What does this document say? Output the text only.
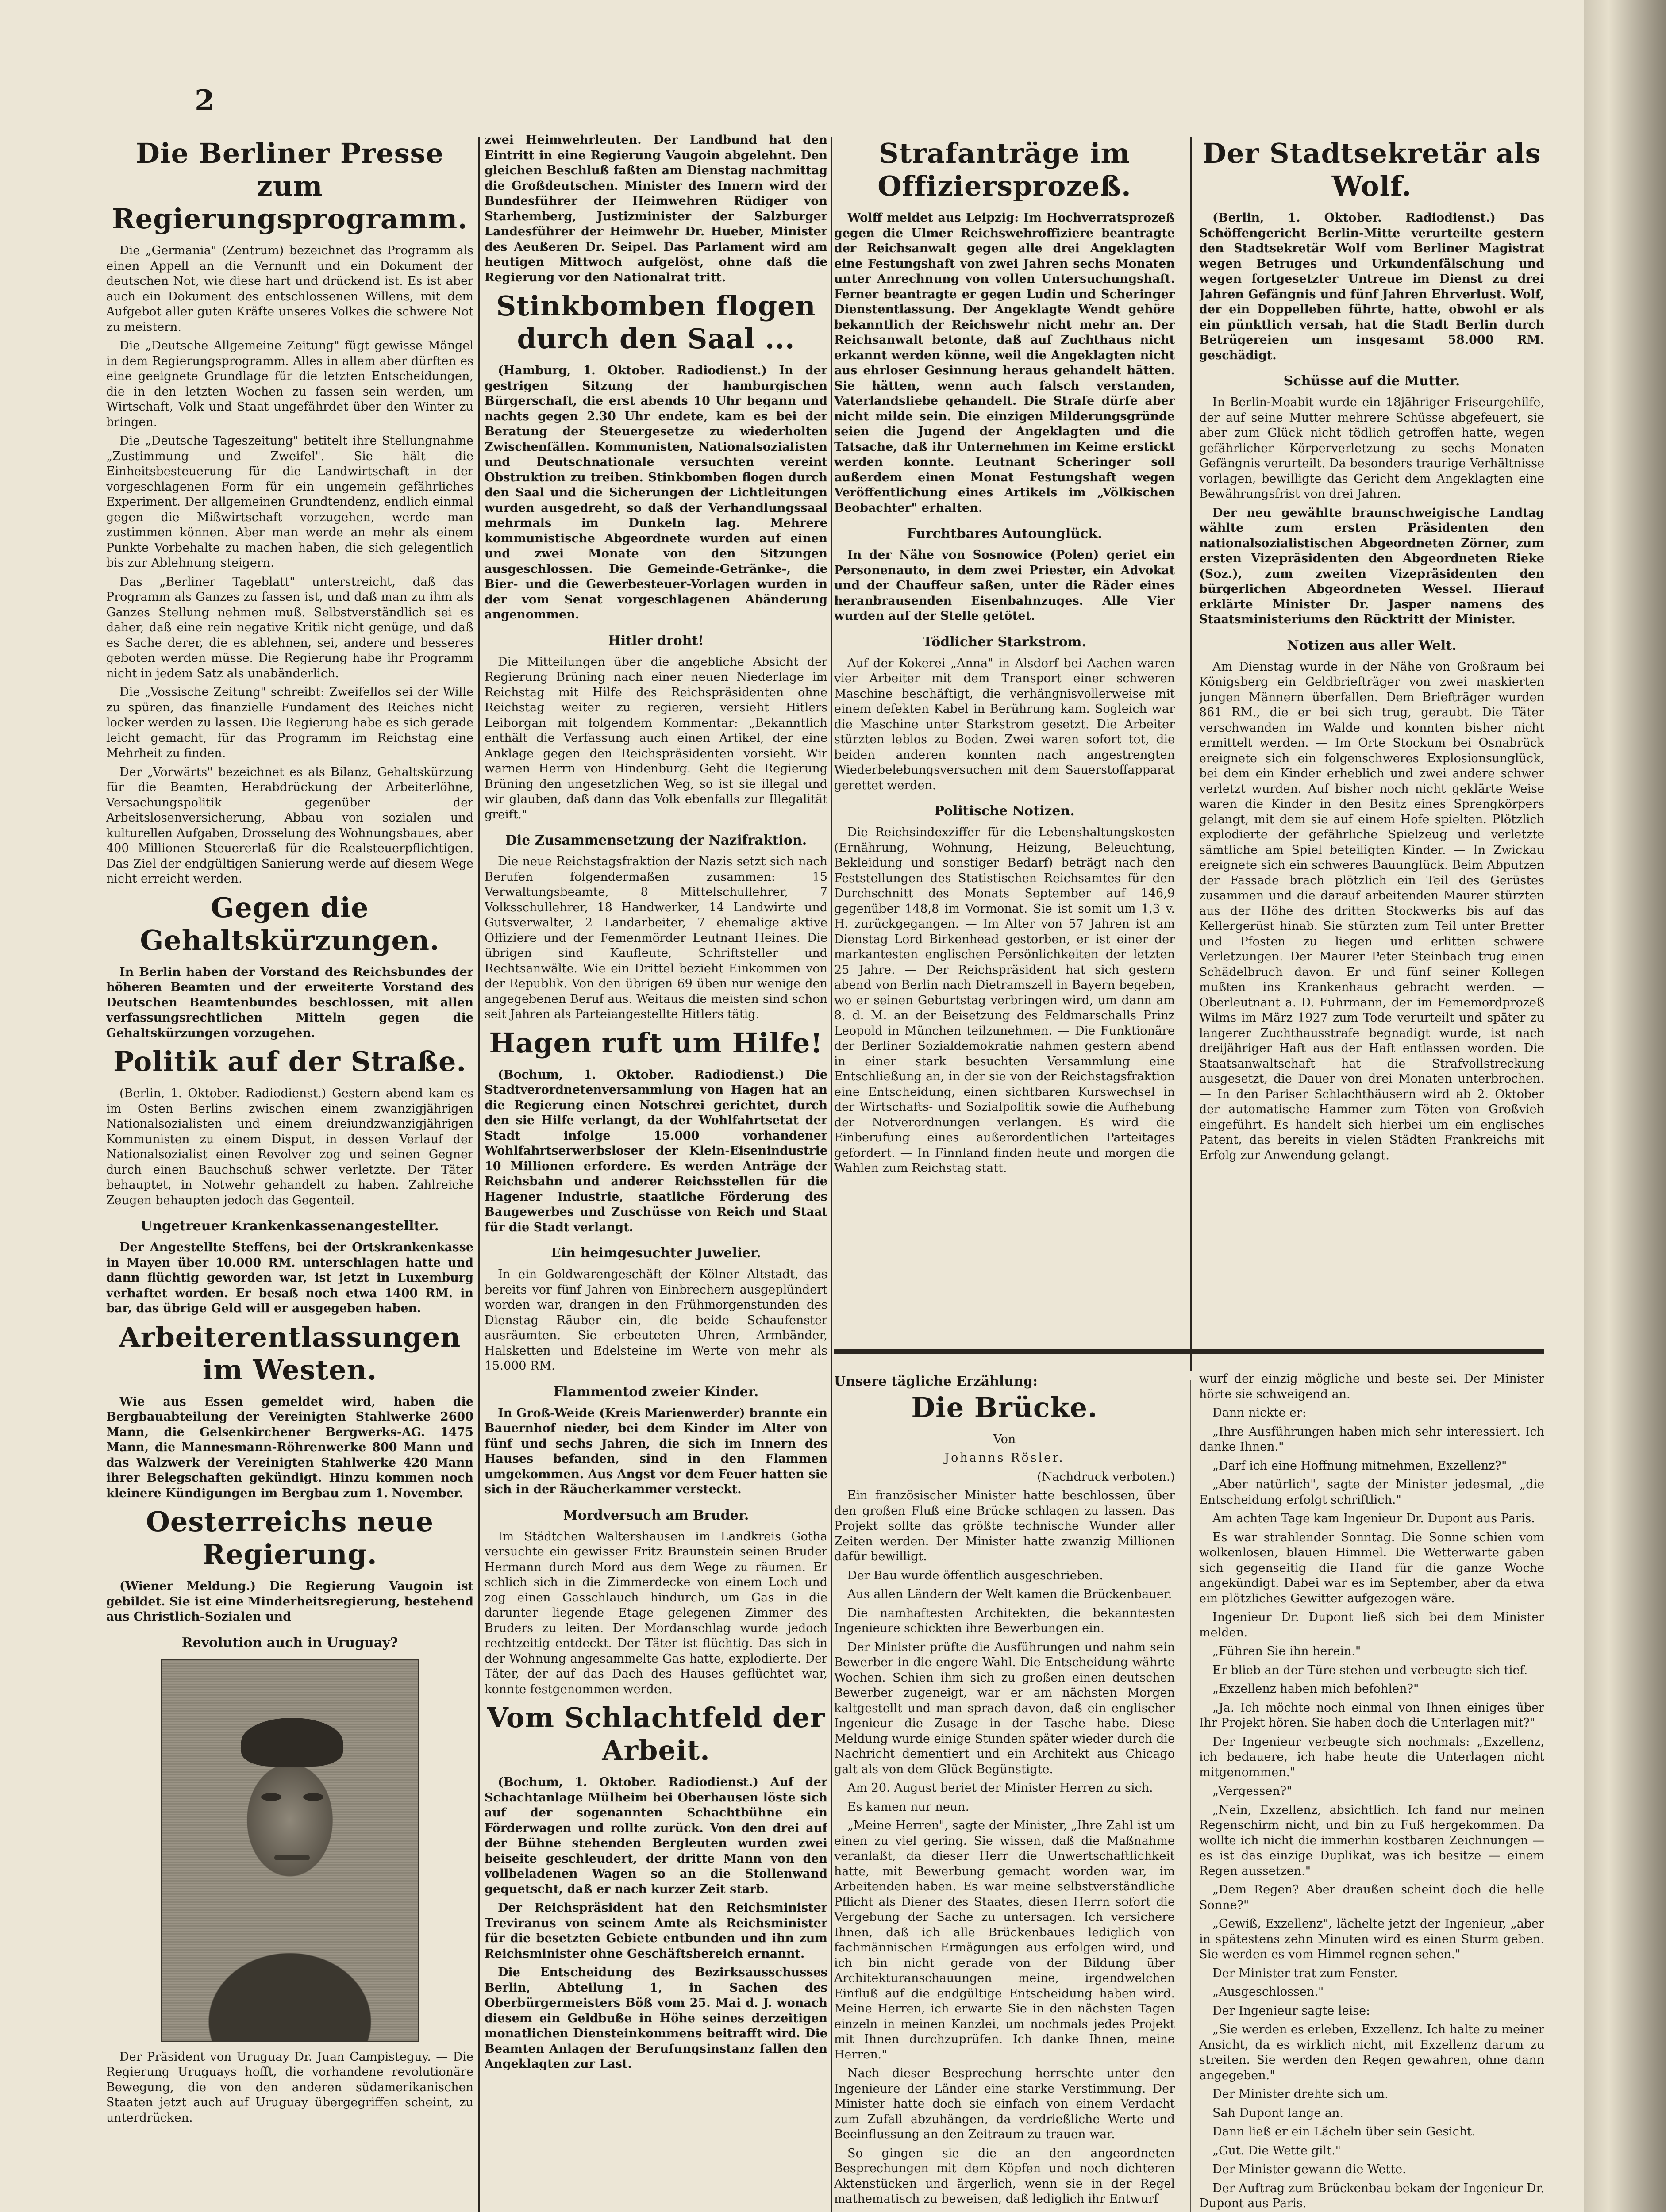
2
Die Berliner Presse zum Regierungsprogramm.

Die „Germania" (Zentrum) bezeichnet das Programm als einen Appell an die Vernunft und ein Dokument der deutschen Not, wie diese hart und drückend ist. Es ist aber auch ein Dokument des entschlossenen Willens, mit dem Aufgebot aller guten Kräfte unseres Volkes die schwere Not zu meistern.

Die „Deutsche Allgemeine Zeitung" fügt gewisse Mängel in dem Regierungsprogramm. Alles in allem aber dürften es eine geeignete Grundlage für die letzten Entscheidungen, die in den letzten Wochen zu fassen sein werden, um Wirtschaft, Volk und Staat ungefährdet über den Winter zu bringen.

Die „Deutsche Tageszeitung" betitelt ihre Stellungnahme „Zustimmung und Zweifel". Sie hält die Einheitsbesteuerung für die Landwirtschaft in der vorgeschlagenen Form für ein ungemein gefährliches Experiment. Der allgemeinen Grundtendenz, endlich einmal gegen die Mißwirtschaft vorzugehen, werde man zustimmen können. Aber man werde an mehr als einem Punkte Vorbehalte zu machen haben, die sich gelegentlich bis zur Ablehnung steigern.

Das „Berliner Tageblatt" unterstreicht, daß das Programm als Ganzes zu fassen ist, und daß man zu ihm als Ganzes Stellung nehmen muß. Selbstverständlich sei es daher, daß eine rein negative Kritik nicht genüge, und daß es Sache derer, die es ablehnen, sei, andere und besseres geboten werden müsse. Die Regierung habe ihr Programm nicht in jedem Satz als unabänderlich.

Die „Vossische Zeitung" schreibt: Zweifellos sei der Wille zu spüren, das finanzielle Fundament des Reiches nicht locker werden zu lassen. Die Regierung habe es sich gerade leicht gemacht, für das Programm im Reichstag eine Mehrheit zu finden.

Der „Vorwärts" bezeichnet es als Bilanz, Gehaltskürzung für die Beamten, Herabdrückung der Arbeiterlöhne, Versachungspolitik gegenüber der Arbeitslosenversicherung, Abbau von sozialen und kulturellen Aufgaben, Drosselung des Wohnungsbaues, aber 400 Millionen Steuererlaß für die Realsteuerpflichtigen. Das Ziel der endgültigen Sanierung werde auf diesem Wege nicht erreicht werden.

Gegen die Gehaltskürzungen.

In Berlin haben der Vorstand des Reichsbundes der höheren Beamten und der erweiterte Vorstand des Deutschen Beamtenbundes beschlossen, mit allen verfassungsrechtlichen Mitteln gegen die Gehaltskürzungen vorzugehen.

Politik auf der Straße.

(Berlin, 1. Oktober. Radiodienst.) Gestern abend kam es im Osten Berlins zwischen einem zwanzigjährigen Nationalsozialisten und einem dreiundzwanzigjährigen Kommunisten zu einem Disput, in dessen Verlauf der Nationalsozialist einen Revolver zog und seinen Gegner durch einen Bauchschuß schwer verletzte. Der Täter behauptet, in Notwehr gehandelt zu haben. Zahlreiche Zeugen behaupten jedoch das Gegenteil.

Ungetreuer Krankenkassenangestellter.

Der Angestellte Steffens, bei der Ortskrankenkasse in Mayen über 10.000 RM. unterschlagen hatte und dann flüchtig geworden war, ist jetzt in Luxemburg verhaftet worden. Er besaß noch etwa 1400 RM. in bar, das übrige Geld will er ausgegeben haben.

Arbeiterentlassungen im Westen.

Wie aus Essen gemeldet wird, haben die Bergbauabteilung der Vereinigten Stahlwerke 2600 Mann, die Gelsenkirchener Bergwerks-AG. 1475 Mann, die Mannesmann-Röhrenwerke 800 Mann und das Walzwerk der Vereinigten Stahlwerke 420 Mann ihrer Belegschaften gekündigt. Hinzu kommen noch kleinere Kündigungen im Bergbau zum 1. November.

Oesterreichs neue Regierung.

(Wiener Meldung.) Die Regierung Vaugoin ist gebildet. Sie ist eine Minderheitsregierung, bestehend aus Christlich-Sozialen und

Revolution auch in Uruguay?

Der Präsident von Uruguay Dr. Juan Campisteguy. — Die Regierung Uruguays hofft, die vorhandene revolutionäre Bewegung, die von den anderen südamerikanischen Staaten jetzt auch auf Uruguay übergegriffen scheint, zu unterdrücken.

zwei Heimwehrleuten. Der Landbund hat den Eintritt in eine Regierung Vaugoin abgelehnt. Den gleichen Beschluß faßten am Dienstag nachmittag die Großdeutschen. Minister des Innern wird der Bundesführer der Heimwehren Rüdiger von Starhemberg, Justizminister der Salzburger Landesführer der Heimwehr Dr. Hueber, Minister des Aeußeren Dr. Seipel. Das Parlament wird am heutigen Mittwoch aufgelöst, ohne daß die Regierung vor den Nationalrat tritt.

Stinkbomben flogen durch den Saal ...

(Hamburg, 1. Oktober. Radiodienst.) In der gestrigen Sitzung der hamburgischen Bürgerschaft, die erst abends 10 Uhr begann und nachts gegen 2.30 Uhr endete, kam es bei der Beratung der Steuergesetze zu wiederholten Zwischenfällen. Kommunisten, Nationalsozialisten und Deutschnationale versuchten vereint Obstruktion zu treiben. Stinkbomben flogen durch den Saal und die Sicherungen der Lichtleitungen wurden ausgedreht, so daß der Verhandlungssaal mehrmals im Dunkeln lag. Mehrere kommunistische Abgeordnete wurden auf einen und zwei Monate von den Sitzungen ausgeschlossen. Die Gemeinde-Getränke-, die Bier- und die Gewerbesteuer-Vorlagen wurden in der vom Senat vorgeschlagenen Abänderung angenommen.

Hitler droht!

Die Mitteilungen über die angebliche Absicht der Regierung Brüning nach einer neuen Niederlage im Reichstag mit Hilfe des Reichspräsidenten ohne Reichstag weiter zu regieren, versieht Hitlers Leiborgan mit folgendem Kommentar: „Bekanntlich enthält die Verfassung auch einen Artikel, der eine Anklage gegen den Reichspräsidenten vorsieht. Wir warnen Herrn von Hindenburg. Geht die Regierung Brüning den ungesetzlichen Weg, so ist sie illegal und wir glauben, daß dann das Volk ebenfalls zur Illegalität greift."

Die Zusammensetzung der Nazifraktion.

Die neue Reichstagsfraktion der Nazis setzt sich nach Berufen folgendermaßen zusammen: 15 Verwaltungsbeamte, 8 Mittelschullehrer, 7 Volksschullehrer, 18 Handwerker, 14 Landwirte und Gutsverwalter, 2 Landarbeiter, 7 ehemalige aktive Offiziere und der Femenmörder Leutnant Heines. Die übrigen sind Kaufleute, Schriftsteller und Rechtsanwälte. Wie ein Drittel bezieht Einkommen von der Republik. Von den übrigen 69 üben nur wenige den angegebenen Beruf aus. Weitaus die meisten sind schon seit Jahren als Parteiangestellte Hitlers tätig.

Hagen ruft um Hilfe!

(Bochum, 1. Oktober. Radiodienst.) Die Stadtverordnetenversammlung von Hagen hat an die Regierung einen Notschrei gerichtet, durch den sie Hilfe verlangt, da der Wohlfahrtsetat der Stadt infolge 15.000 vorhandener Wohlfahrtserwerbsloser der Klein-Eisenindustrie 10 Millionen erfordere. Es werden Anträge der Reichsbahn und anderer Reichsstellen für die Hagener Industrie, staatliche Förderung des Baugewerbes und Zuschüsse von Reich und Staat für die Stadt verlangt.

Ein heimgesuchter Juwelier.

In ein Goldwarengeschäft der Kölner Altstadt, das bereits vor fünf Jahren von Einbrechern ausgeplündert worden war, drangen in den Frühmorgenstunden des Dienstag Räuber ein, die beide Schaufenster ausräumten. Sie erbeuteten Uhren, Armbänder, Halsketten und Edelsteine im Werte von mehr als 15.000 RM.

Flammentod zweier Kinder.

In Groß-Weide (Kreis Marienwerder) brannte ein Bauernhof nieder, bei dem Kinder im Alter von fünf und sechs Jahren, die sich im Innern des Hauses befanden, sind in den Flammen umgekommen. Aus Angst vor dem Feuer hatten sie sich in der Räucherkammer versteckt.

Mordversuch am Bruder.

Im Städtchen Waltershausen im Landkreis Gotha versuchte ein gewisser Fritz Braunstein seinen Bruder Hermann durch Mord aus dem Wege zu räumen. Er schlich sich in die Zimmerdecke von einem Loch und zog einen Gasschlauch hindurch, um Gas in die darunter liegende Etage gelegenen Zimmer des Bruders zu leiten. Der Mordanschlag wurde jedoch rechtzeitig entdeckt. Der Täter ist flüchtig. Das sich in der Wohnung angesammelte Gas hatte, explodierte. Der Täter, der auf das Dach des Hauses geflüchtet war, konnte festgenommen werden.

Vom Schlachtfeld der Arbeit.

(Bochum, 1. Oktober. Radiodienst.) Auf der Schachtanlage Mülheim bei Oberhausen löste sich auf der sogenannten Schachtbühne ein Förderwagen und rollte zurück. Von den drei auf der Bühne stehenden Bergleuten wurden zwei beiseite geschleudert, der dritte Mann von den vollbeladenen Wagen so an die Stollenwand gequetscht, daß er nach kurzer Zeit starb.

Der Reichspräsident hat den Reichsminister Treviranus von seinem Amte als Reichsminister für die besetzten Gebiete entbunden und ihn zum Reichsminister ohne Geschäftsbereich ernannt.

Die Entscheidung des Bezirksausschusses Berlin, Abteilung 1, in Sachen des Oberbürgermeisters Böß vom 25. Mai d. J. wonach diesem ein Geldbuße in Höhe seines derzeitigen monatlichen Diensteinkommens beitrafft wird. Die Beamten Anlagen der Berufungsinstanz fallen den Angeklagten zur Last.

Strafanträge im Offiziersprozeß.

Wolff meldet aus Leipzig: Im Hochverratsprozeß gegen die Ulmer Reichswehroffiziere beantragte der Reichsanwalt gegen alle drei Angeklagten eine Festungshaft von zwei Jahren sechs Monaten unter Anrechnung von vollen Untersuchungshaft. Ferner beantragte er gegen Ludin und Scheringer Dienstentlassung. Der Angeklagte Wendt gehöre bekanntlich der Reichswehr nicht mehr an. Der Reichsanwalt betonte, daß auf Zuchthaus nicht erkannt werden könne, weil die Angeklagten nicht aus ehrloser Gesinnung heraus gehandelt hätten. Sie hätten, wenn auch falsch verstanden, Vaterlandsliebe gehandelt. Die Strafe dürfe aber nicht milde sein. Die einzigen Milderungsgründe seien die Jugend der Angeklagten und die Tatsache, daß ihr Unternehmen im Keime erstickt werden konnte. Leutnant Scheringer soll außerdem einen Monat Festungshaft wegen Veröffentlichung eines Artikels im „Völkischen Beobachter" erhalten.

Furchtbares Autounglück.

In der Nähe von Sosnowice (Polen) geriet ein Personenauto, in dem zwei Priester, ein Advokat und der Chauffeur saßen, unter die Räder eines heranbrausenden Eisenbahnzuges. Alle Vier wurden auf der Stelle getötet.

Tödlicher Starkstrom.

Auf der Kokerei „Anna" in Alsdorf bei Aachen waren vier Arbeiter mit dem Transport einer schweren Maschine beschäftigt, die verhängnisvollerweise mit einem defekten Kabel in Berührung kam. Sogleich war die Maschine unter Starkstrom gesetzt. Die Arbeiter stürzten leblos zu Boden. Zwei waren sofort tot, die beiden anderen konnten nach angestrengten Wiederbelebungsversuchen mit dem Sauerstoffapparat gerettet werden.

Politische Notizen.

Die Reichsindexziffer für die Lebenshaltungskosten (Ernährung, Wohnung, Heizung, Beleuchtung, Bekleidung und sonstiger Bedarf) beträgt nach den Feststellungen des Statistischen Reichsamtes für den Durchschnitt des Monats September auf 146,9 gegenüber 148,8 im Vormonat. Sie ist somit um 1,3 v. H. zurückgegangen. — Im Alter von 57 Jahren ist am Dienstag Lord Birkenhead gestorben, er ist einer der markantesten englischen Persönlichkeiten der letzten 25 Jahre. — Der Reichspräsident hat sich gestern abend von Berlin nach Dietramszell in Bayern begeben, wo er seinen Geburtstag verbringen wird, um dann am 8. d. M. an der Beisetzung des Feldmarschalls Prinz Leopold in München teilzunehmen. — Die Funktionäre der Berliner Sozialdemokratie nahmen gestern abend in einer stark besuchten Versammlung eine Entschließung an, in der sie von der Reichstagsfraktion eine Entscheidung, einen sichtbaren Kurswechsel in der Wirtschafts- und Sozialpolitik sowie die Aufhebung der Notverordnungen verlangen. Es wird die Einberufung eines außerordentlichen Parteitages gefordert. — In Finnland finden heute und morgen die Wahlen zum Reichstag statt.

Der Stadtsekretär als Wolf.

(Berlin, 1. Oktober. Radiodienst.) Das Schöffengericht Berlin-Mitte verurteilte gestern den Stadtsekretär Wolf vom Berliner Magistrat wegen Betruges und Urkundenfälschung und wegen fortgesetzter Untreue im Dienst zu drei Jahren Gefängnis und fünf Jahren Ehrverlust. Wolf, der ein Doppelleben führte, hatte, obwohl er als ein pünktlich versah, hat die Stadt Berlin durch Betrügereien um insgesamt 58.000 RM. geschädigt.

Schüsse auf die Mutter.

In Berlin-Moabit wurde ein 18jähriger Friseurgehilfe, der auf seine Mutter mehrere Schüsse abgefeuert, sie aber zum Glück nicht tödlich getroffen hatte, wegen gefährlicher Körperverletzung zu sechs Monaten Gefängnis verurteilt. Da besonders traurige Verhältnisse vorlagen, bewilligte das Gericht dem Angeklagten eine Bewährungsfrist von drei Jahren.

Der neu gewählte braunschweigische Landtag wählte zum ersten Präsidenten den nationalsozialistischen Abgeordneten Zörner, zum ersten Vizepräsidenten den Abgeordneten Rieke (Soz.), zum zweiten Vizepräsidenten den bürgerlichen Abgeordneten Wessel. Hierauf erklärte Minister Dr. Jasper namens des Staatsministeriums den Rücktritt der Minister.

Notizen aus aller Welt.

Am Dienstag wurde in der Nähe von Großraum bei Königsberg ein Geldbriefträger von zwei maskierten jungen Männern überfallen. Dem Briefträger wurden 861 RM., die er bei sich trug, geraubt. Die Täter verschwanden im Walde und konnten bisher nicht ermittelt werden. — Im Orte Stockum bei Osnabrück ereignete sich ein folgenschweres Explosionsunglück, bei dem ein Kinder erheblich und zwei andere schwer verletzt wurden. Auf bisher noch nicht geklärte Weise waren die Kinder in den Besitz eines Sprengkörpers gelangt, mit dem sie auf einem Hofe spielten. Plötzlich explodierte der gefährliche Spielzeug und verletzte sämtliche am Spiel beteiligten Kinder. — In Zwickau ereignete sich ein schweres Bauunglück. Beim Abputzen der Fassade brach plötzlich ein Teil des Gerüstes zusammen und die darauf arbeitenden Maurer stürzten aus der Höhe des dritten Stockwerks bis auf das Kellergerüst hinab. Sie stürzten zum Teil unter Bretter und Pfosten zu liegen und erlitten schwere Verletzungen. Der Maurer Peter Steinbach trug einen Schädelbruch davon. Er und fünf seiner Kollegen mußten ins Krankenhaus gebracht werden. — Oberleutnant a. D. Fuhrmann, der im Fememordprozeß Wilms im März 1927 zum Tode verurteilt und später zu langerer Zuchthausstrafe begnadigt wurde, ist nach dreijähriger Haft aus der Haft entlassen worden. Die Staatsanwaltschaft hat die Strafvollstreckung ausgesetzt, die Dauer von drei Monaten unterbrochen. — In den Pariser Schlachthäusern wird ab 2. Oktober der automatische Hammer zum Töten von Großvieh eingeführt. Es handelt sich hierbei um ein englisches Patent, das bereits in vielen Städten Frankreichs mit Erfolg zur Anwendung gelangt.

Unsere tägliche Erzählung:

Die Brücke.

Von

Johanns Rösler.

(Nachdruck verboten.)

Ein französischer Minister hatte beschlossen, über den großen Fluß eine Brücke schlagen zu lassen. Das Projekt sollte das größte technische Wunder aller Zeiten werden. Der Minister hatte zwanzig Millionen dafür bewilligt.

Der Bau wurde öffentlich ausgeschrieben.

Aus allen Ländern der Welt kamen die Brückenbauer.

Die namhaftesten Architekten, die bekanntesten Ingenieure schickten ihre Bewerbungen ein.

Der Minister prüfte die Ausführungen und nahm sein Bewerber in die engere Wahl. Die Entscheidung währte Wochen. Schien ihm sich zu großen einen deutschen Bewerber zugeneigt, war er am nächsten Morgen kaltgestellt und man sprach davon, daß ein englischer Ingenieur die Zusage in der Tasche habe. Diese Meldung wurde einige Stunden später wieder durch die Nachricht dementiert und ein Architekt aus Chicago galt als von dem Glück Begünstigte.

Am 20. August beriet der Minister Herren zu sich.

Es kamen nur neun.

„Meine Herren", sagte der Minister, „Ihre Zahl ist um einen zu viel gering. Sie wissen, daß die Maßnahme veranlaßt, da dieser Herr die Unwertschaftlichkeit hatte, mit Bewerbung gemacht worden war, im Arbeitenden haben. Es war meine selbstverständliche Pflicht als Diener des Staates, diesen Herrn sofort die Vergebung der Sache zu untersagen. Ich versichere Ihnen, daß ich alle Brückenbaues lediglich von fachmännischen Ermägungen aus erfolgen wird, und ich bin nicht gerade von der Bildung über Architekturanschauungen meine, irgendwelchen Einfluß auf die endgültige Entscheidung haben wird. Meine Herren, ich erwarte Sie in den nächsten Tagen einzeln in meinen Kanzlei, um nochmals jedes Projekt mit Ihnen durchzuprüfen. Ich danke Ihnen, meine Herren."

Nach dieser Besprechung herrschte unter den Ingenieure der Länder eine starke Verstimmung. Der Minister hatte doch sie einfach von einem Verdacht zum Zufall abzuhängen, da verdrießliche Werte und Beeinflussung an den Zeitraum zu trauen war.

So gingen sie die an den angeordneten Besprechungen mit dem Köpfen und noch dichteren Aktenstücken und ärgerlich, wenn sie in der Regel mathematisch zu beweisen, daß lediglich ihr Entwurf

wurf der einzig mögliche und beste sei. Der Minister hörte sie schweigend an.

Dann nickte er:

„Ihre Ausführungen haben mich sehr interessiert. Ich danke Ihnen."

„Darf ich eine Hoffnung mitnehmen, Exzellenz?"

„Aber natürlich", sagte der Minister jedesmal, „die Entscheidung erfolgt schriftlich."

Am achten Tage kam Ingenieur Dr. Dupont aus Paris.

Es war strahlender Sonntag. Die Sonne schien vom wolkenlosen, blauen Himmel. Die Wetterwarte gaben sich gegenseitig die Hand für die ganze Woche angekündigt. Dabei war es im September, aber da etwa ein plötzliches Gewitter aufgezogen wäre.

Ingenieur Dr. Dupont ließ sich bei dem Minister melden.

„Führen Sie ihn herein."

Er blieb an der Türe stehen und verbeugte sich tief.

„Exzellenz haben mich befohlen?"

„Ja. Ich möchte noch einmal von Ihnen einiges über Ihr Projekt hören. Sie haben doch die Unterlagen mit?"

Der Ingenieur verbeugte sich nochmals: „Exzellenz, ich bedauere, ich habe heute die Unterlagen nicht mitgenommen."

„Vergessen?"

„Nein, Exzellenz, absichtlich. Ich fand nur meinen Regenschirm nicht, und bin zu Fuß hergekommen. Da wollte ich nicht die immerhin kostbaren Zeichnungen — es ist das einzige Duplikat, was ich besitze — einem Regen aussetzen."

„Dem Regen? Aber draußen scheint doch die helle Sonne?"

„Gewiß, Exzellenz", lächelte jetzt der Ingenieur, „aber in spätestens zehn Minuten wird es einen Sturm geben. Sie werden es vom Himmel regnen sehen."

Der Minister trat zum Fenster.

„Ausgeschlossen."

Der Ingenieur sagte leise:

„Sie werden es erleben, Exzellenz. Ich halte zu meiner Ansicht, da es wirklich nicht, mit Exzellenz darum zu streiten. Sie werden den Regen gewahren, ohne dann angegeben."

Der Minister drehte sich um.

Sah Dupont lange an.

Dann ließ er ein Lächeln über sein Gesicht.

„Gut. Die Wette gilt."

Der Minister gewann die Wette.

Der Auftrag zum Brückenbau bekam der Ingenieur Dr. Dupont aus Paris.
